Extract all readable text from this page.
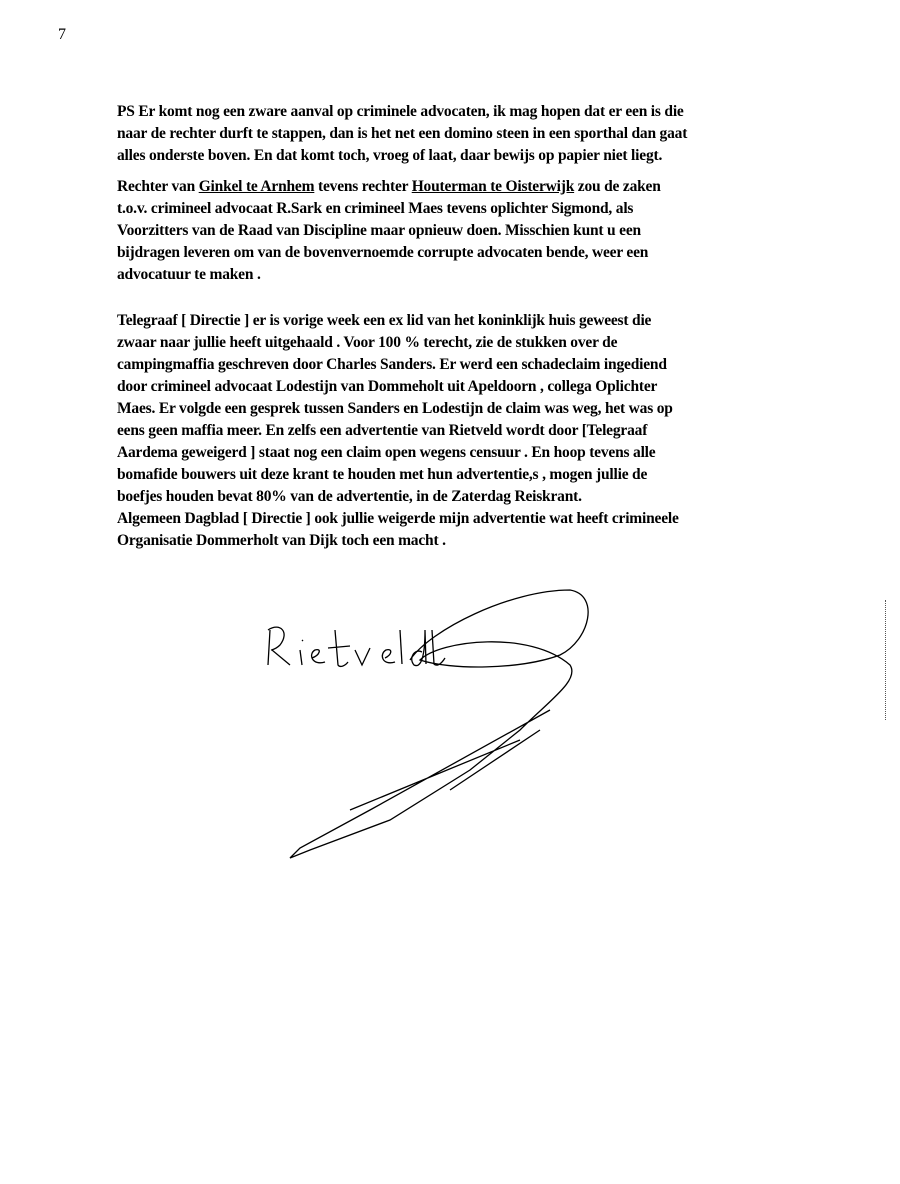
7
PS Er komt nog een zware aanval op criminele advocaten, ik mag hopen dat er een is die
naar de rechter durft te stappen, dan is het net een domino steen in een sporthal dan gaat
alles onderste boven. En dat komt toch, vroeg of laat, daar bewijs op papier niet liegt.
Rechter van Ginkel te Arnhem tevens rechter Houterman te Oisterwijk zou de zaken
t.o.v. crimineel advocaat R.Sark en crimineel Maes tevens oplichter Sigmond, als
Voorzitters van de Raad van Discipline maar opnieuw doen. Misschien kunt u een
bijdragen leveren om van de bovenvernoemde corrupte advocaten bende, weer een
advocatuur te maken .
Telegraaf [ Directie ] er is vorige week een ex lid van het koninklijk huis geweest die
zwaar naar jullie heeft uitgehaald . Voor 100 % terecht, zie de stukken over de
campingmaffia geschreven door Charles Sanders. Er werd een schadeclaim ingediend
door crimineel advocaat Lodestijn van Dommeholt uit Apeldoorn , collega Oplichter
Maes. Er volgde een gesprek tussen Sanders en Lodestijn de claim was weg, het was op
eens geen maffia meer. En zelfs een advertentie van Rietveld wordt door [Telegraaf
Aardema geweigerd ] staat nog een claim open wegens censuur . En hoop tevens alle
bomafide bouwers uit deze krant te houden met hun advertentie,s , mogen jullie de
boefjes houden bevat 80% van de advertentie, in de Zaterdag Reiskrant.
Algemeen Dagblad [ Directie ] ook jullie weigerde mijn advertentie wat heeft crimineele
Organisatie Dommerholt van Dijk toch een macht .
